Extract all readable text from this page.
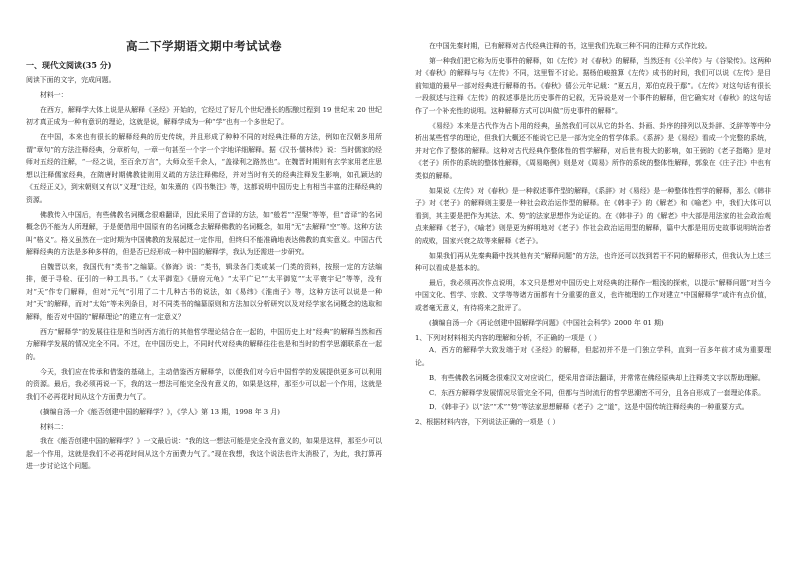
高二下学期语文期中考试试卷
一、现代文阅读(35 分)

阅读下面的文字，完成问题。

材料一：

在西方，解释学大体上说是从解释《圣经》开始的，它经过了好几个世纪漫长的酝酿过程到 19 世纪末 20 世纪初才真正成为一种有意识的理论，这就是说，解释学成为一种“学”也有一个多世纪了。

在中国，本来也有很长的解释经典的历史传统，并且形成了种种不同的对经典注释的方法，例如在汉朝多用所谓“章句”的方法注释经典，分章析句，一章一句甚至一个字一个字地详细解释。据《汉书·儒林传》说：当时儒家的经师对五经的注解，“一经之说，至百余万言”，大师众至千余人，“盖禄利之路然也”。在魏晋时期则有玄学家用老庄思想以注释儒家经典，在隋唐时期佛教徒则用义疏的方法注释佛经，并对当时有关的经典注释发生影响，如孔颖达的《五经正义》，到宋朝则又有以“义理”注经，如朱熹的《四书集注》等，这都说明中国历史上有相当丰富的注释经典的资源。

佛教传入中国后，有些佛教名词概念很难翻译，因此采用了音译的方法，如“般若”“涅槃”等等，但“音译”的名词概念仍不能为人所理解，于是便借用中国原有的名词概念去解释佛教的名词概念，如用“无”去解释“空”等。这种方法叫“格义”。格义虽然在一定时期为中国佛教的发展起过一定作用，但终归不能准确地表达佛教的真实意义。中国古代解释经典的方法是多种多样的，但是否已经形成一种中国的解释学，我认为还需进一步研究。

自魏晋以来，我国代有“类书”之编纂。《修海》说：“类书，辑录各门类或某一门类的资料，按照一定的方法编排，便于寻检、征引的一种工具书。”《太平御览》《册府元龟》“太平广记”“太平御览”“太平寰宇记”等等，没有对“天”作专门解释，但对“元气”引用了二十几种古书的说法，如《易纬》《淮南子》等，这种方法可以说是一种对“天”的解释，而对“太始”等未列条目，对不同类书的编纂原则和方法加以分析研究以及对经学家名词概念的选取和解释，能否对中国的“解释理论”的建立有一定意义？

西方“解释学”的发展往往是和当时西方流行的其他哲学理论结合在一起的，中国历史上对“经典”的解释当然和西方解释学发展的情况完全不同。不过，在中国历史上，不同时代对经典的解释往往也是和当时的哲学思潮联系在一起的。

今天，我们应在传承和借鉴的基础上，主动借鉴西方解释学，以便我们对今后中国哲学的发展提供更多可以利用的资源。最后，我必须再说一下，我的这一想法可能完全没有意义的，如果是这样，那至少可以起一个作用，这就是我们不必再花时间从这个方面费力气了。

(摘编自汤一介《能否创建中国的解释学？》，《学人》第 13 期，1998 年 3 月)

材料二：

我在《能否创建中国的解释学？》一文最后说：“我的这一想法可能是完全没有意义的，如果是这样，那至少可以起一个作用，这就是我们不必再花时间从这个方面费力气了。”现在我想，我这个说法也许太消极了，为此，我打算再进一步讨论这个问题。

在中国先秦时期，已有解释对古代经典注释的书，这里我们先取三种不同的注释方式作比较。

第一种我们把它称为历史事件的解释，如《左传》对《春秋》的解释，当然还有《公羊传》与《谷梁传》。这两种对《春秋》的解释与与《左传》不同，这里暂不讨论。据杨伯峻推算《左传》成书的时间，我们可以说《左传》是目前知道的最早一部对经典进行解释的书。《春秋》僖公元年记载：“夏五月，郑伯克段于鄢”。《左传》对这句话有很长一段叙述与注释《左传》的叙述事是比历史事件的记叙，无异说是对一个事件的解释，但它确实对《春秋》的这句话作了一个补充性的说明。这种解释方式可以叫做“历史事件的解释”。

《易经》本来是古代作为占卜用的经典，虽然我们可以从它的卦名、卦画、卦序的排列以及卦辞、爻辞等等中分析出某些哲学的理论，但我们大概还不能说它已是一部为完全的哲学体系。《系辞》是《易经》看成一个完整的系统，并对它作了整体的解释。这种对古代经典作整体性的哲学解释，对后世有极大的影响，如王弼的《老子指略》是对《老子》所作的系统的整体性解释，《周易略例》则是对《周易》所作的系统的整体性解释，郭象在《庄子注》中也有类似的解释。

如果说《左传》对《春秋》是一种叙述事件型的解释，《系辞》对《易经》是一种整体性哲学的解释，那么《韩非子》对《老子》的解释则主要是一种社会政治运作型的解释。在《韩非子》的《解老》和《喻老》中，我们大体可以看到，其主要是把作为其法、术、势”的法家思想作为论证的。在《韩非子》的《解老》中大部是用法家的社会政治观点来解释《老子》，《喻老》则是更为鲜明地对《老子》作社会政治运用型的解释，篇中大都是用历史故事说明统治者的成败，国家兴衰之故等来解释《老子》。

如果我们再从先秦典籍中找其他有关“解释问题”的方法，也许还可以找到若干不同的解释形式，但我认为上述三种可以看成是基本的。

最后，我必须再次作点说明，本文只是想对中国历史上对经典的注释作一粗浅的探索，以提示“解释问题”对当今中国文化、哲学、宗教、文学等等诸方面都有十分重要的意义，也许梳理的工作对建立“中国解释学”或许有点价值，或者毫无意义，有待将来之批评了。

(摘编自汤一介《再论创建中国解释学问题》《中国社会科学》2000 年 01 期)

1、下列对材料相关内容的理解和分析，不正确的一项是（ ）

A．西方的解释学大致发端于对《圣经》的解释，但起初并不是一门独立学科，直到一百多年前才成为重要理论。

B．有些佛教名词概念很难汉文对应说仁，便采用音译法翻译，并常常在佛经原典却上注释类文字以帮助理解。

C．东西方解释学发展情况尽管完全不同，但都与当时流行的哲学思潮密不可分，且各自形成了一套理论体系。

D．《韩非子》以“法”“术”“势”等法家思想解释《老子》之“道”，这是中国传统注释经典的一种重要方式。

2、根据材料内容，下列说法正确的一项是（ ）
